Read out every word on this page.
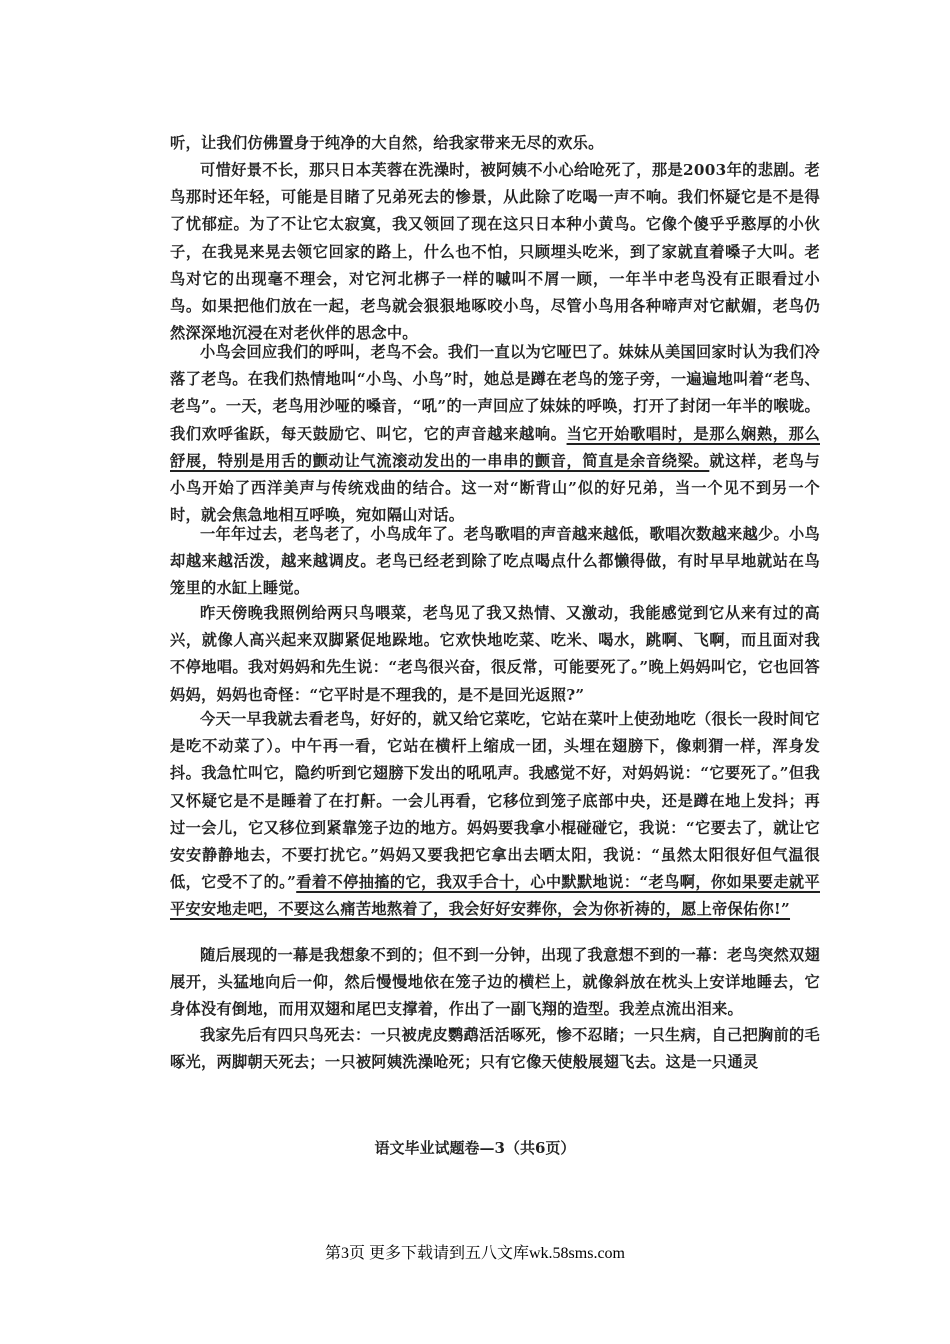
听，让我们仿佛置身于纯净的大自然，给我家带来无尽的欢乐。

可惜好景不长，那只日本芙蓉在洗澡时，被阿姨不小心给呛死了，那是2003年的悲剧。老鸟那时还年轻，可能是目睹了兄弟死去的惨景，从此除了吃喝一声不响。我们怀疑它是不是得了忧郁症。为了不让它太寂寞，我又领回了现在这只日本种小黄鸟。它像个傻乎乎憨厚的小伙子，在我晃来晃去领它回家的路上，什么也不怕，只顾埋头吃米，到了家就直着嗓子大叫。老鸟对它的出现毫不理会，对它河北梆子一样的嘁叫不屑一顾，一年半中老鸟没有正眼看过小鸟。如果把他们放在一起，老鸟就会狠狠地啄咬小鸟，尽管小鸟用各种啼声对它献媚，老鸟仍然深深地沉浸在对老伙伴的思念中。

小鸟会回应我们的呼叫，老鸟不会。我们一直以为它哑巴了。妹妹从美国回家时认为我们冷落了老鸟。在我们热情地叫“小鸟、小鸟”时，她总是蹲在老鸟的笼子旁，一遍遍地叫着“老鸟、老鸟”。一天，老鸟用沙哑的嗓音，“吼”的一声回应了妹妹的呼唤，打开了封闭一年半的喉咙。我们欢呼雀跃，每天鼓励它、叫它，它的声音越来越响。当它开始歌唱时，是那么娴熟，那么舒展，特别是用舌的颤动让气流滚动发出的一串串的颤音，简直是余音绕梁。就这样，老鸟与小鸟开始了西洋美声与传统戏曲的结合。这一对“断背山”似的好兄弟，当一个见不到另一个时，就会焦急地相互呼唤，宛如隔山对话。

一年年过去，老鸟老了，小鸟成年了。老鸟歌唱的声音越来越低，歌唱次数越来越少。小鸟却越来越活泼，越来越调皮。老鸟已经老到除了吃点喝点什么都懒得做，有时早早地就站在鸟笼里的水缸上睡觉。

昨天傍晚我照例给两只鸟喂菜，老鸟见了我又热情、又激动，我能感觉到它从来有过的高兴，就像人高兴起来双脚紧促地跺地。它欢快地吃菜、吃米、喝水，跳啊、飞啊，而且面对我不停地唱。我对妈妈和先生说：“老鸟很兴奋，很反常，可能要死了。”晚上妈妈叫它，它也回答妈妈，妈妈也奇怪：“它平时是不理我的，是不是回光返照?”

今天一早我就去看老鸟，好好的，就又给它菜吃，它站在菜叶上使劲地吃（很长一段时间它是吃不动菜了）。中午再一看，它站在横杆上缩成一团，头埋在翅膀下，像刺猬一样，浑身发抖。我急忙叫它，隐约听到它翅膀下发出的吼吼声。我感觉不好，对妈妈说：“它要死了。”但我又怀疑它是不是睡着了在打鼾。一会儿再看，它移位到笼子底部中央，还是蹲在地上发抖；再过一会儿，它又移位到紧靠笼子边的地方。妈妈要我拿小棍碰碰它，我说：“它要去了，就让它安安静静地去，不要打扰它。”妈妈又要我把它拿出去晒太阳，我说：“虽然太阳很好但气温很低，它受不了的。”看着不停抽搐的它，我双手合十，心中默默地说：“老鸟啊，你如果要走就平平安安地走吧，不要这么痛苦地熬着了，我会好好安葬你，会为你祈祷的，愿上帝保佑你!”

随后展现的一幕是我想象不到的；但不到一分钟，出现了我意想不到的一幕：老鸟突然双翅展开，头猛地向后一仰，然后慢慢地依在笼子边的横栏上，就像斜放在枕头上安详地睡去，它身体没有倒地，而用双翅和尾巴支撑着，作出了一副飞翔的造型。我差点流出泪来。

我家先后有四只鸟死去：一只被虎皮鹦鹉活活啄死，惨不忍睹；一只生病，自己把胸前的毛啄光，两脚朝天死去；一只被阿姨洗澡呛死；只有它像天使般展翅飞去。这是一只通灵

语文毕业试题卷—3（共6页）
第3页 更多下载请到五八文库wk.58sms.com
